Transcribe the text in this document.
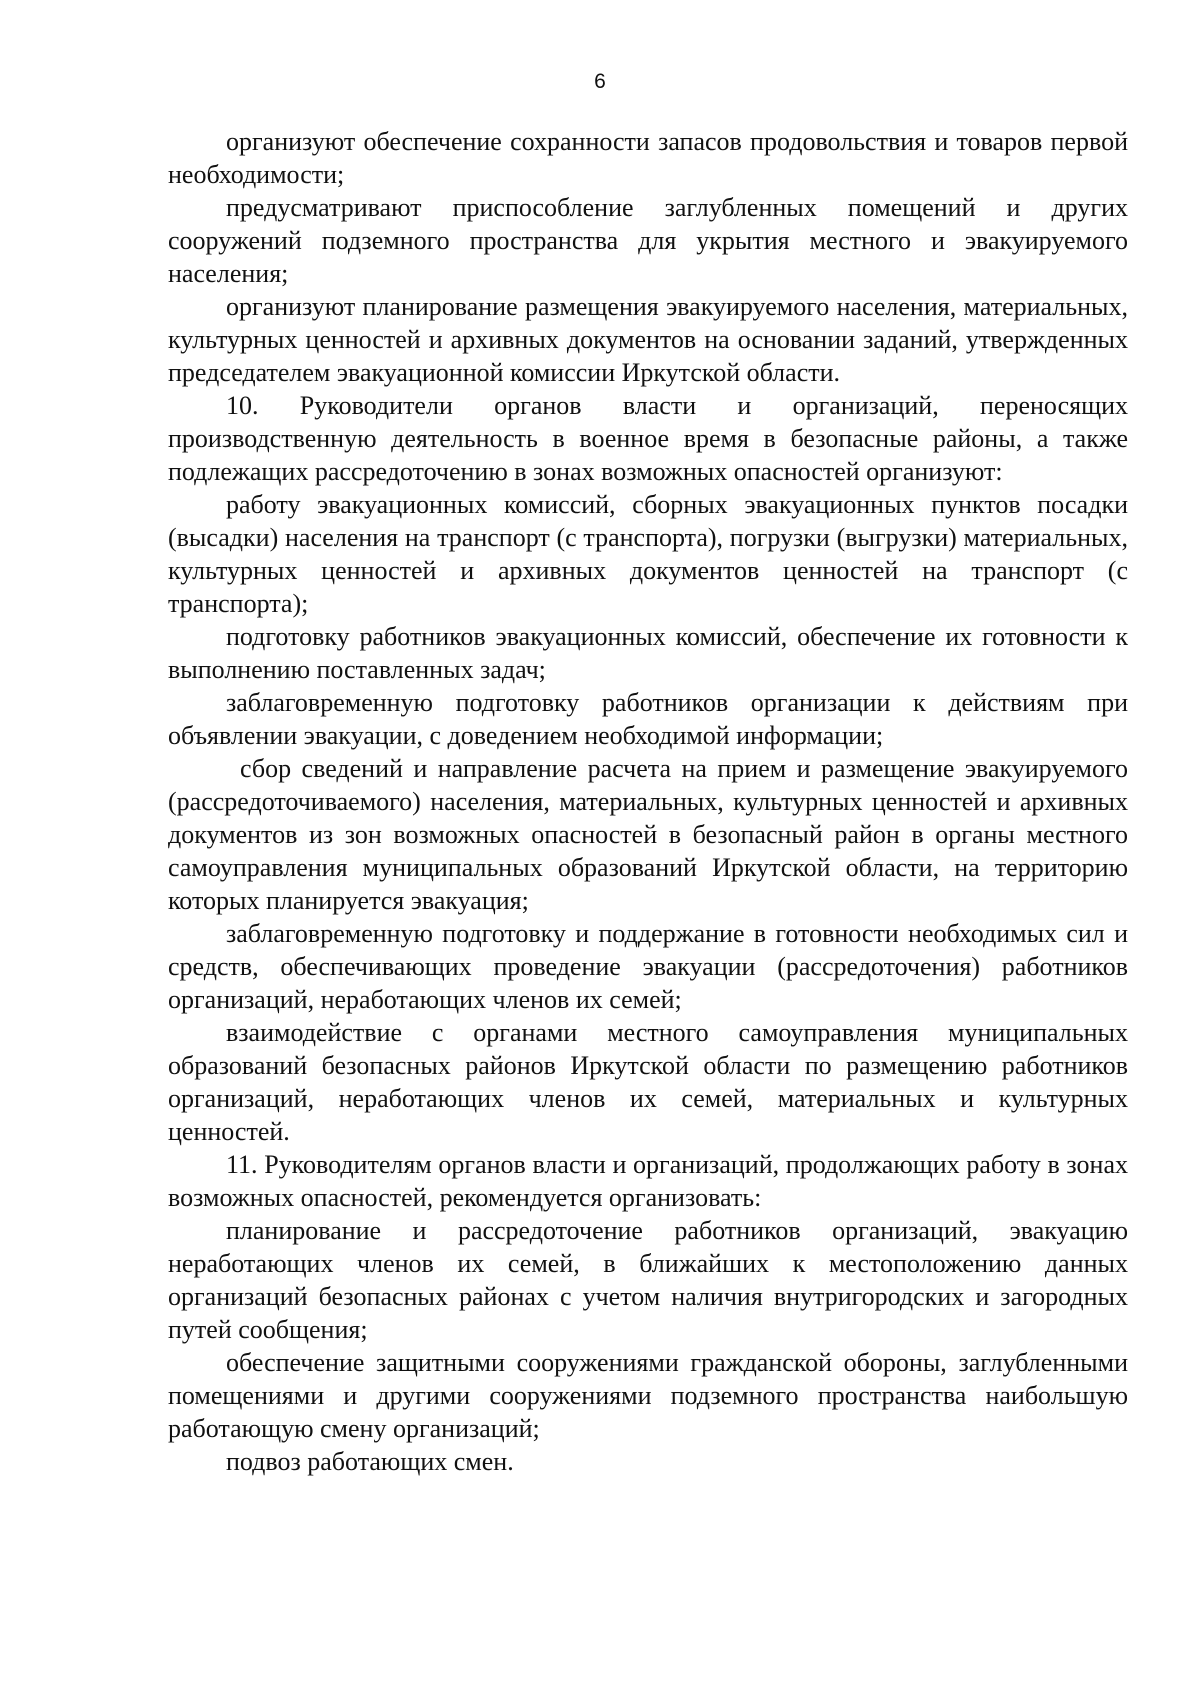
6

организуют обеспечение сохранности запасов продовольствия и товаров первой необходимости;

предусматривают приспособление заглубленных помещений и других сооружений подземного пространства для укрытия местного и эвакуируемого населения;

организуют планирование размещения эвакуируемого населения, материальных, культурных ценностей и архивных документов на основании заданий, утвержденных председателем эвакуационной комиссии Иркутской области.

10. Руководители органов власти и организаций, переносящих производственную деятельность в военное время в безопасные районы, а также подлежащих рассредоточению в зонах возможных опасностей организуют:

работу эвакуационных комиссий, сборных эвакуационных пунктов посадки (высадки) населения на транспорт (с транспорта), погрузки (выгрузки) материальных, культурных ценностей и архивных документов ценностей на транспорт (с транспорта);

подготовку работников эвакуационных комиссий, обеспечение их готовности к выполнению поставленных задач;

заблаговременную подготовку работников организации к действиям при объявлении эвакуации, с доведением необходимой информации;

сбор сведений и направление расчета на прием и размещение эвакуируемого (рассредоточиваемого) населения, материальных, культурных ценностей и архивных документов из зон возможных опасностей в безопасный район в органы местного самоуправления муниципальных образований Иркутской области, на территорию которых планируется эвакуация;

заблаговременную подготовку и поддержание в готовности необходимых сил и средств, обеспечивающих проведение эвакуации (рассредоточения) работников организаций, неработающих членов их семей;

взаимодействие с органами местного самоуправления муниципальных образований безопасных районов Иркутской области по размещению работников организаций, неработающих членов их семей, материальных и культурных ценностей.

11. Руководителям органов власти и организаций, продолжающих работу в зонах возможных опасностей, рекомендуется организовать:

планирование и рассредоточение работников организаций, эвакуацию неработающих членов их семей, в ближайших к местоположению данных организаций безопасных районах с учетом наличия внутригородских и загородных путей сообщения;

обеспечение защитными сооружениями гражданской обороны, заглубленными помещениями и другими сооружениями подземного пространства наибольшую работающую смену организаций;

подвоз работающих смен.
